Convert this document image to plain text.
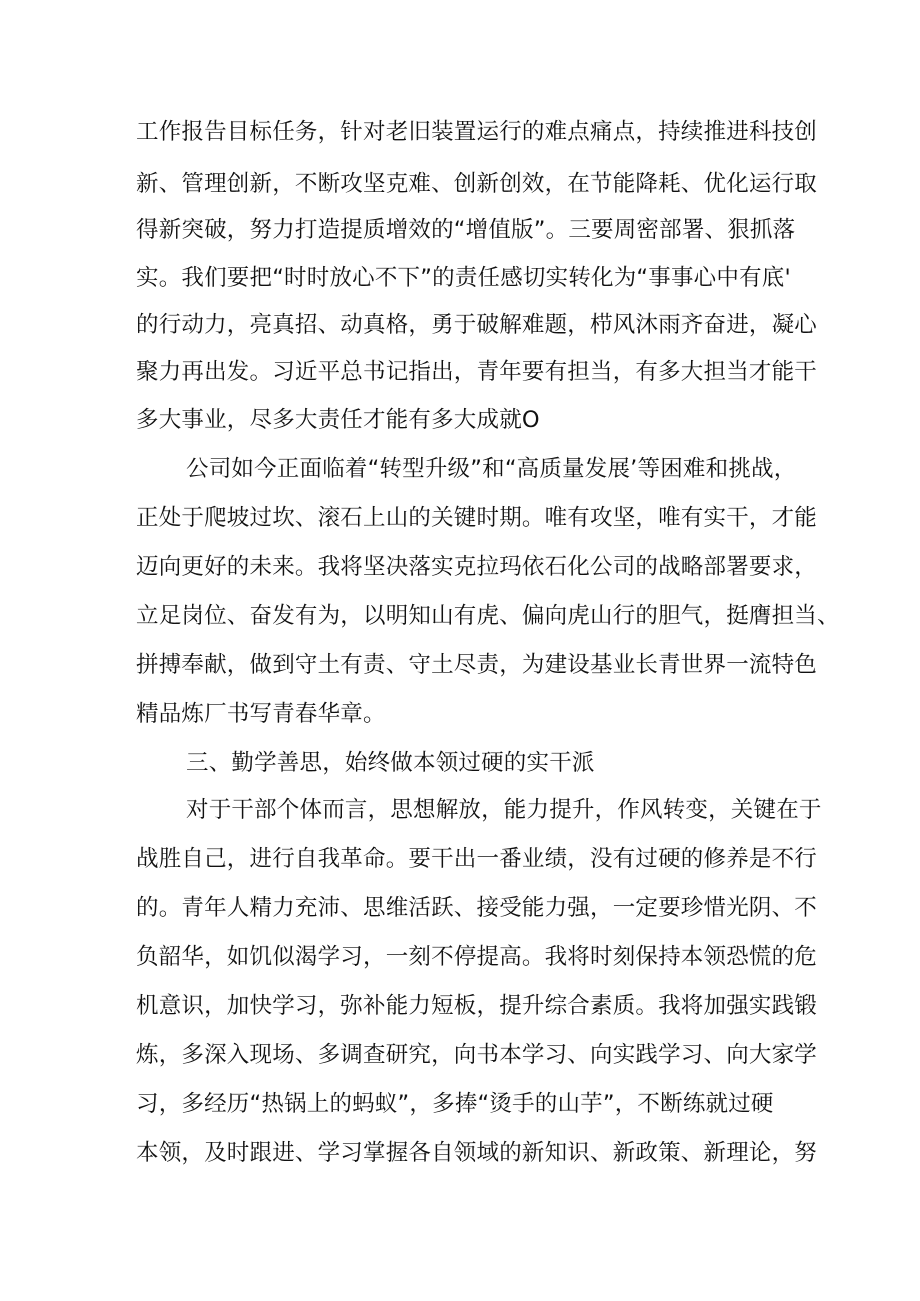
工作报告目标任务，针对老旧装置运行的难点痛点，持续推进科技创
新、管理创新，不断攻坚克难、创新创效，在节能降耗、优化运行取
得新突破，努力打造提质增效的“增值版”。三要周密部署、狠抓落
实。我们要把“时时放心不下”的责任感切实转化为“事事心中有底'
的行动力，亮真招、动真格，勇于破解难题，栉风沐雨齐奋进，凝心
聚力再出发。习近平总书记指出，青年要有担当，有多大担当才能干
多大事业，尽多大责任才能有多大成就O
公司如今正面临着“转型升级”和“高质量发展’等困难和挑战，
正处于爬坡过坎、滚石上山的关键时期。唯有攻坚，唯有实干，才能
迈向更好的未来。我将坚决落实克拉玛依石化公司的战略部署要求，
立足岗位、奋发有为，以明知山有虎、偏向虎山行的胆气，挺膺担当、
拼搏奉献，做到守土有责、守土尽责，为建设基业长青世界一流特色
精品炼厂书写青春华章。
三、勤学善思，始终做本领过硬的实干派
对于干部个体而言，思想解放，能力提升，作风转变，关键在于
战胜自己，进行自我革命。要干出一番业绩，没有过硬的修养是不行
的。青年人精力充沛、思维活跃、接受能力强，一定要珍惜光阴、不
负韶华，如饥似渴学习，一刻不停提高。我将时刻保持本领恐慌的危
机意识，加快学习，弥补能力短板，提升综合素质。我将加强实践锻
炼，多深入现场、多调查研究，向书本学习、向实践学习、向大家学
习，多经历“热锅上的蚂蚁”，多捧“烫手的山芋”，不断练就过硬
本领，及时跟进、学习掌握各自领域的新知识、新政策、新理论，努
